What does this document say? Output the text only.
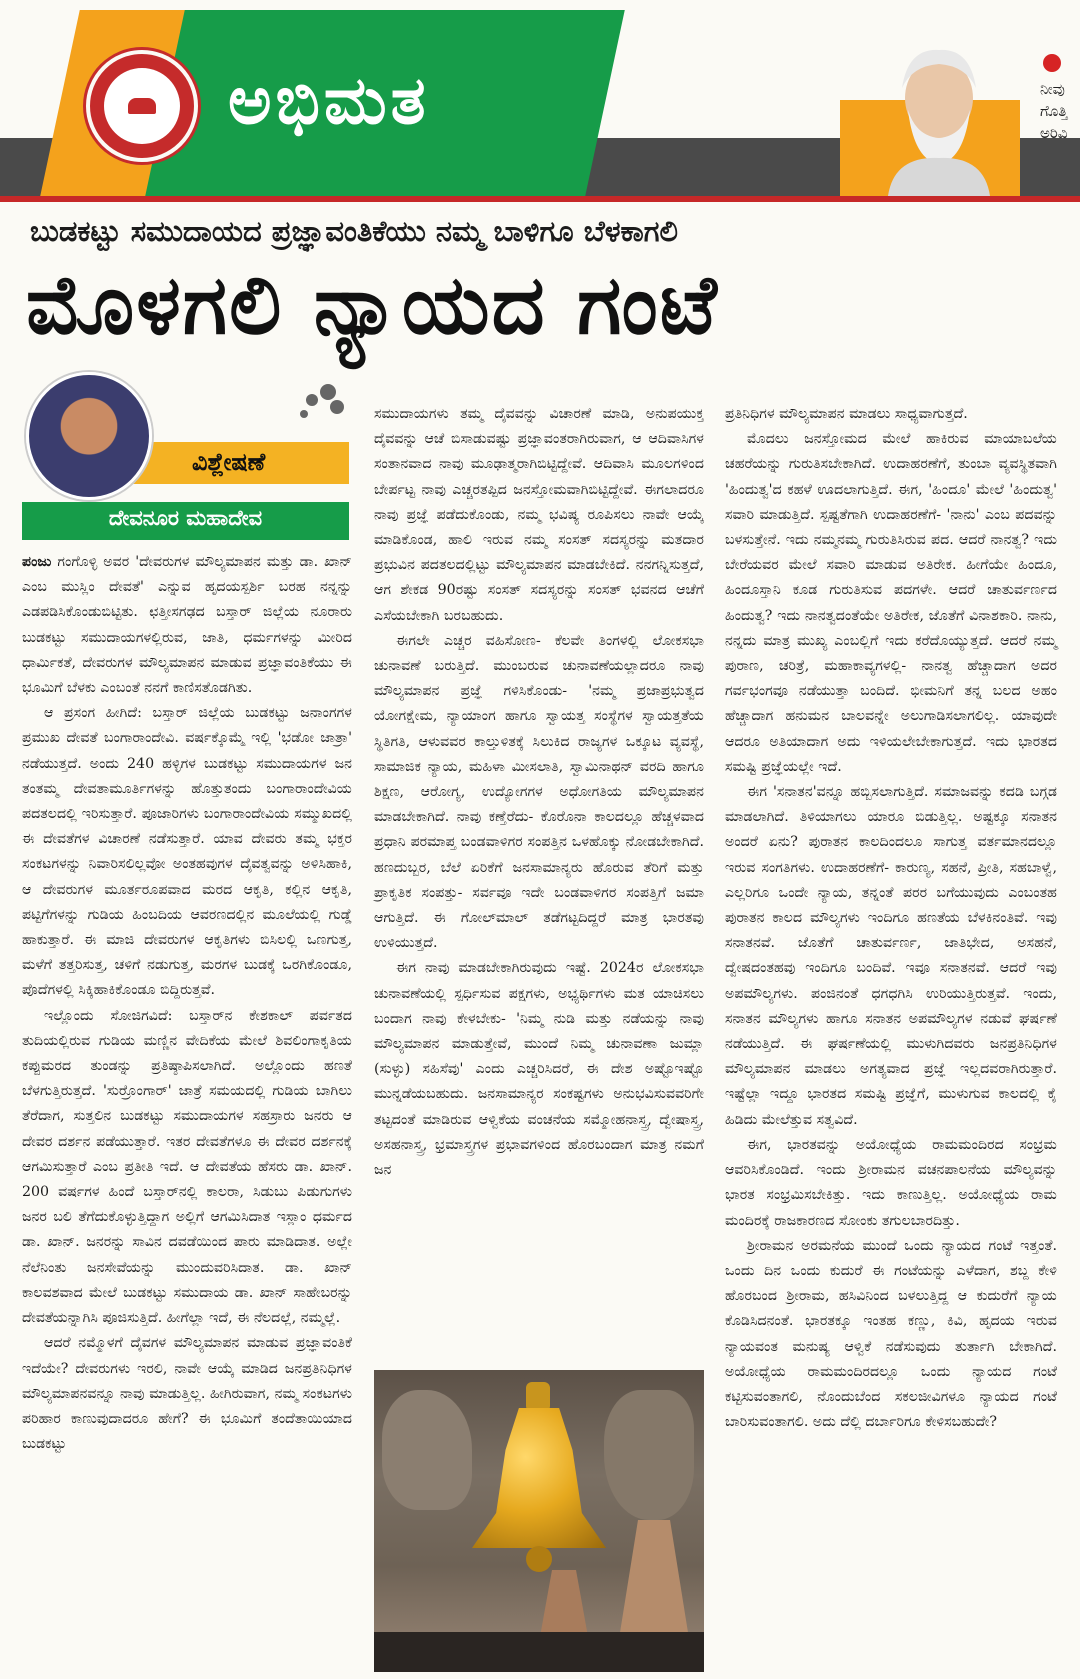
ಅಭಿಮತ	ನೀವು
ಗೊತ್ತಿ
ಅರಿವಿ
ಬುಡಕಟ್ಟು ಸಮುದಾಯದ ಪ್ರಜ್ಞಾವಂತಿಕೆಯು ನಮ್ಮ ಬಾಳಿಗೂ ಬೆಳಕಾಗಲಿ
ಮೊಳಗಲಿ ನ್ಯಾಯದ ಗಂಟೆ
ವಿಶ್ಲೇಷಣೆ
ದೇವನೂರ ಮಹಾದೇವ

ಪಂಜು ಗಂಗೊಳ್ಳಿ ಅವರ 'ದೇವರುಗಳ ಮೌಲ್ಯಮಾಪನ ಮತ್ತು ಡಾ. ಖಾನ್ ಎಂಬ ಮುಸ್ಲಿಂ ದೇವತೆ' ಎನ್ನುವ ಹೃದಯಸ್ಪರ್ಶಿ ಬರಹ ನನ್ನನ್ನು ಎಡಪಡಿಸಿಕೊಂಡುಬಿಟ್ಟಿತು. ಛತ್ತೀಸಗಢದ ಬಸ್ತಾರ್ ಜಿಲ್ಲೆಯ ನೂರಾರು ಬುಡಕಟ್ಟು ಸಮುದಾಯಗಳಲ್ಲಿರುವ, ಜಾತಿ, ಧರ್ಮಗಳನ್ನು ಮೀರಿದ ಧಾರ್ಮಿಕತೆ, ದೇವರುಗಳ ಮೌಲ್ಯಮಾಪನ ಮಾಡುವ ಪ್ರಜ್ಞಾವಂತಿಕೆಯು ಈ ಭೂಮಿಗೆ ಬೆಳಕು ಎಂಬಂತೆ ನನಗೆ ಕಾಣಿಸತೊಡಗಿತು.

ಆ ಪ್ರಸಂಗ ಹೀಗಿದೆ: ಬಸ್ತಾರ್ ಜಿಲ್ಲೆಯ ಬುಡಕಟ್ಟು ಜನಾಂಗಗಳ ಪ್ರಮುಖ ದೇವತೆ ಬಂಗಾರಾಂದೇವಿ. ವರ್ಷಕ್ಕೊಮ್ಮೆ ಇಲ್ಲಿ 'ಭಡೋ ಜಾತ್ರಾ' ನಡೆಯುತ್ತದೆ. ಅಂದು 240 ಹಳ್ಳಿಗಳ ಬುಡಕಟ್ಟು ಸಮುದಾಯಗಳ ಜನ ತಂತಮ್ಮ ದೇವತಾಮೂರ್ತಿಗಳನ್ನು ಹೊತ್ತುತಂದು ಬಂಗಾರಾಂದೇವಿಯ ಪದತಲದಲ್ಲಿ ಇರಿಸುತ್ತಾರೆ. ಪೂಜಾರಿಗಳು ಬಂಗಾರಾಂದೇವಿಯ ಸಮ್ಮುಖದಲ್ಲಿ ಈ ದೇವತೆಗಳ ವಿಚಾರಣೆ ನಡೆಸುತ್ತಾರೆ. ಯಾವ ದೇವರು ತಮ್ಮ ಭಕ್ತರ ಸಂಕಟಗಳನ್ನು ನಿವಾರಿಸಲಿಲ್ಲವೋ ಅಂತಹವುಗಳ ದೈವತ್ವವನ್ನು ಅಳಿಸಿಹಾಕಿ, ಆ ದೇವರುಗಳ ಮೂರ್ತರೂಪವಾದ ಮರದ ಆಕೃತಿ, ಕಲ್ಲಿನ ಆಕೃತಿ, ಪಟ್ಟಿಗೆಗಳನ್ನು ಗುಡಿಯ ಹಿಂಬದಿಯ ಆವರಣದಲ್ಲಿನ ಮೂಲೆಯಲ್ಲಿ ಗುಡ್ಡೆ ಹಾಕುತ್ತಾರೆ. ಈ ಮಾಜಿ ದೇವರುಗಳ ಆಕೃತಿಗಳು ಬಿಸಿಲಲ್ಲಿ ಒಣಗುತ್ತ, ಮಳೆಗೆ ತತ್ತರಿಸುತ್ತ, ಚಳಿಗೆ ನಡುಗುತ್ತ, ಮರಗಳ ಬುಡಕ್ಕೆ ಒರಗಿಕೊಂಡೂ, ಪೊದೆಗಳಲ್ಲಿ ಸಿಕ್ಕಿಹಾಕಿಕೊಂಡೂ ಬಿದ್ದಿರುತ್ತವೆ.

ಇಲ್ಲೊಂದು ಸೋಜಿಗವಿದೆ: ಬಸ್ತಾರ್‌ನ ಕೇಶಕಾಲ್ ಪರ್ವತದ ತುದಿಯಲ್ಲಿರುವ ಗುಡಿಯ ಮಣ್ಣಿನ ವೇದಿಕೆಯ ಮೇಲೆ ಶಿವಲಿಂಗಾಕೃತಿಯ ಕಪ್ಪುಮರದ ತುಂಡನ್ನು ಪ್ರತಿಷ್ಠಾಪಿಸಲಾಗಿದೆ. ಅಲ್ಲೊಂದು ಹಣತೆ ಬೆಳಗುತ್ತಿರುತ್ತದೆ. 'ಸುರ್ರೊಂಗಾರ್' ಜಾತ್ರೆ ಸಮಯದಲ್ಲಿ ಗುಡಿಯ ಬಾಗಿಲು ತೆರೆದಾಗ, ಸುತ್ತಲಿನ ಬುಡಕಟ್ಟು ಸಮುದಾಯಗಳ ಸಹಸ್ರಾರು ಜನರು ಆ ದೇವರ ದರ್ಶನ ಪಡೆಯುತ್ತಾರೆ. ಇತರ ದೇವತೆಗಳೂ ಈ ದೇವರ ದರ್ಶನಕ್ಕೆ ಆಗಮಿಸುತ್ತಾರೆ ಎಂಬ ಪ್ರತೀತಿ ಇದೆ. ಆ ದೇವತೆಯ ಹೆಸರು ಡಾ. ಖಾನ್. 200 ವರ್ಷಗಳ ಹಿಂದೆ ಬಸ್ತಾರ್‌ನಲ್ಲಿ ಕಾಲರಾ, ಸಿಡುಬು ಪಿಡುಗುಗಳು ಜನರ ಬಲಿ ತೆಗೆದುಕೊಳ್ಳುತ್ತಿದ್ದಾಗ ಅಲ್ಲಿಗೆ ಆಗಮಿಸಿದಾತ ಇಸ್ಲಾಂ ಧರ್ಮದ ಡಾ. ಖಾನ್. ಜನರನ್ನು ಸಾವಿನ ದವಡೆಯಿಂದ ಪಾರು ಮಾಡಿದಾತ. ಅಲ್ಲೇ ನೆಲೆನಿಂತು ಜನಸೇವೆಯನ್ನು ಮುಂದುವರಿಸಿದಾತ. ಡಾ. ಖಾನ್ ಕಾಲವಶವಾದ ಮೇಲೆ ಬುಡಕಟ್ಟು ಸಮುದಾಯ ಡಾ. ಖಾನ್ ಸಾಹೇಬರನ್ನು ದೇವತೆಯನ್ನಾಗಿಸಿ ಪೂಜಿಸುತ್ತಿದೆ. ಹೀಗೆಲ್ಲಾ ಇದೆ, ಈ ನೆಲದಲ್ಲೆ, ನಮ್ಮಲ್ಲೆ.

ಆದರೆ ನಮ್ಮೊಳಗೆ ದೈವಗಳ ಮೌಲ್ಯಮಾಪನ ಮಾಡುವ ಪ್ರಜ್ಞಾವಂತಿಕೆ ಇದೆಯೇ? ದೇವರುಗಳು ಇರಲಿ, ನಾವೇ ಆಯ್ಕೆ ಮಾಡಿದ ಜನಪ್ರತಿನಿಧಿಗಳ ಮೌಲ್ಯಮಾಪನವನ್ನೂ ನಾವು ಮಾಡುತ್ತಿಲ್ಲ. ಹೀಗಿರುವಾಗ, ನಮ್ಮ ಸಂಕಟಗಳು ಪರಿಹಾರ ಕಾಣುವುದಾದರೂ ಹೇಗೆ? ಈ ಭೂಮಿಗೆ ತಂದೆತಾಯಿಯಾದ ಬುಡಕಟ್ಟು

ಸಮುದಾಯಗಳು ತಮ್ಮ ದೈವವನ್ನು ವಿಚಾರಣೆ ಮಾಡಿ, ಅನುಪಯುಕ್ತ ದೈವವನ್ನು ಆಚೆ ಬಿಸಾಡುವಷ್ಟು ಪ್ರಜ್ಞಾವಂತರಾಗಿರುವಾಗ, ಆ ಆದಿವಾಸಿಗಳ ಸಂತಾನವಾದ ನಾವು ಮೂಢಾತ್ಮರಾಗಿಬಿಟ್ಟಿದ್ದೇವೆ. ಆದಿವಾಸಿ ಮೂಲಗಳಿಂದ ಬೇರ್ಪಟ್ಟ ನಾವು ಎಚ್ಚರತಪ್ಪಿದ ಜನಸ್ತೋಮವಾಗಿಬಿಟ್ಟಿದ್ದೇವೆ. ಈಗಲಾದರೂ ನಾವು ಪ್ರಜ್ಞೆ ಪಡೆದುಕೊಂಡು, ನಮ್ಮ ಭವಿಷ್ಯ ರೂಪಿಸಲು ನಾವೇ ಆಯ್ಕೆ ಮಾಡಿಕೊಂಡ, ಹಾಲಿ ಇರುವ ನಮ್ಮ ಸಂಸತ್ ಸದಸ್ಯರನ್ನು ಮತದಾರ ಪ್ರಭುವಿನ ಪದತಲದಲ್ಲಿಟ್ಟು ಮೌಲ್ಯಮಾಪನ ಮಾಡಬೇಕಿದೆ. ನನಗನ್ನಿಸುತ್ತದೆ, ಆಗ ಶೇಕಡ 90ರಷ್ಟು ಸಂಸತ್ ಸದಸ್ಯರನ್ನು ಸಂಸತ್ ಭವನದ ಆಚೆಗೆ ಎಸೆಯಬೇಕಾಗಿ ಬರಬಹುದು.

ಈಗಲೇ ಎಚ್ಚರ ವಹಿಸೋಣ- ಕೆಲವೇ ತಿಂಗಳಲ್ಲಿ ಲೋಕಸಭಾ ಚುನಾವಣೆ ಬರುತ್ತಿದೆ. ಮುಂಬರುವ ಚುನಾವಣೆಯಲ್ಲಾದರೂ ನಾವು ಮೌಲ್ಯಮಾಪನ ಪ್ರಜ್ಞೆ ಗಳಿಸಿಕೊಂಡು- 'ನಮ್ಮ ಪ್ರಜಾಪ್ರಭುತ್ವದ ಯೋಗಕ್ಷೇಮ, ನ್ಯಾಯಾಂಗ ಹಾಗೂ ಸ್ವಾಯತ್ತ ಸಂಸ್ಥೆಗಳ ಸ್ವಾಯತ್ತತೆಯ ಸ್ಥಿತಿಗತಿ, ಆಳುವವರ ಕಾಲ್ತುಳಿತಕ್ಕೆ ಸಿಲುಕಿದ ರಾಜ್ಯಗಳ ಒಕ್ಕೂಟ ವ್ಯವಸ್ಥೆ, ಸಾಮಾಜಿಕ ನ್ಯಾಯ, ಮಹಿಳಾ ಮೀಸಲಾತಿ, ಸ್ವಾಮಿನಾಥನ್ ವರದಿ ಹಾಗೂ ಶಿಕ್ಷಣ, ಆರೋಗ್ಯ, ಉದ್ಯೋಗಗಳ ಅಧೋಗತಿಯ ಮೌಲ್ಯಮಾಪನ ಮಾಡಬೇಕಾಗಿದೆ. ನಾವು ಕಣ್ತೆರೆದು- ಕೊರೊನಾ ಕಾಲದಲ್ಲೂ ಹೆಚ್ಚಳವಾದ ಪ್ರಧಾನಿ ಪರಮಾಪ್ತ ಬಂಡವಾಳಿಗರ ಸಂಪತ್ತಿನ ಒಳಹೊಕ್ಕು ನೋಡಬೇಕಾಗಿದೆ. ಹಣದುಬ್ಬರ, ಬೆಲೆ ಏರಿಕೆಗೆ ಜನಸಾಮಾನ್ಯರು ಹೊರುವ ತೆರಿಗೆ ಮತ್ತು ಪ್ರಾಕೃತಿಕ ಸಂಪತ್ತು- ಸರ್ವವೂ ಇದೇ ಬಂಡವಾಳಿಗರ ಸಂಪತ್ತಿಗೆ ಜಮಾ ಆಗುತ್ತಿದೆ. ಈ ಗೋಲ್‌ಮಾಲ್ ತಡೆಗಟ್ಟದಿದ್ದರೆ ಮಾತ್ರ ಭಾರತವು ಉಳಿಯುತ್ತದೆ.

ಈಗ ನಾವು ಮಾಡಬೇಕಾಗಿರುವುದು ಇಷ್ಟೆ. 2024ರ ಲೋಕಸಭಾ ಚುನಾವಣೆಯಲ್ಲಿ ಸ್ಪರ್ಧಿಸುವ ಪಕ್ಷಗಳು, ಅಭ್ಯರ್ಥಿಗಳು ಮತ ಯಾಚಿಸಲು ಬಂದಾಗ ನಾವು ಕೇಳಬೇಕು- 'ನಿಮ್ಮ ನುಡಿ ಮತ್ತು ನಡೆಯನ್ನು ನಾವು ಮೌಲ್ಯಮಾಪನ ಮಾಡುತ್ತೇವೆ, ಮುಂದೆ ನಿಮ್ಮ ಚುನಾವಣಾ ಜುಮ್ಲಾ (ಸುಳ್ಳು) ಸಹಿಸೆವು' ಎಂದು ಎಚ್ಚರಿಸಿದರೆ, ಈ ದೇಶ ಅಷ್ಟೊಇಷ್ಟೊ ಮುನ್ನಡೆಯಬಹುದು. ಜನಸಾಮಾನ್ಯರ ಸಂಕಷ್ಟಗಳು ಅನುಭವಿಸುವವರಿಗೇ ತಟ್ಟದಂತೆ ಮಾಡಿರುವ ಆಳ್ವಿಕೆಯ ವಂಚನೆಯ ಸಮ್ಮೋಹನಾಸ್ತ್ರ, ದ್ವೇಷಾಸ್ತ್ರ, ಅಸಹನಾಸ್ತ್ರ, ಭ್ರಮಾಸ್ತ್ರಗಳ ಪ್ರಭಾವಗಳಿಂದ ಹೊರಬಂದಾಗ ಮಾತ್ರ ನಮಗೆ ಜನ

ಪ್ರತಿನಿಧಿಗಳ ಮೌಲ್ಯಮಾಪನ ಮಾಡಲು ಸಾಧ್ಯವಾಗುತ್ತದೆ.

ಮೊದಲು ಜನಸ್ತೋಮದ ಮೇಲೆ ಹಾಕಿರುವ ಮಾಯಾಬಲೆಯ ಚಹರೆಯನ್ನು ಗುರುತಿಸಬೇಕಾಗಿದೆ. ಉದಾಹರಣೆಗೆ, ತುಂಬಾ ವ್ಯವಸ್ಥಿತವಾಗಿ 'ಹಿಂದುತ್ವ'ದ ಕಹಳೆ ಊದಲಾಗುತ್ತಿದೆ. ಈಗ, 'ಹಿಂದೂ' ಮೇಲೆ 'ಹಿಂದುತ್ವ' ಸವಾರಿ ಮಾಡುತ್ತಿದೆ. ಸ್ಪಷ್ಟತೆಗಾಗಿ ಉದಾಹರಣೆಗೆ- 'ನಾನು' ಎಂಬ ಪದವನ್ನು ಬಳಸುತ್ತೇನೆ. ಇದು ನಮ್ಮನಮ್ಮ ಗುರುತಿಸಿರುವ ಪದ. ಆದರೆ ನಾನತ್ವ? ಇದು ಬೇರೆಯವರ ಮೇಲೆ ಸವಾರಿ ಮಾಡುವ ಅತಿರೇಕ. ಹೀಗೆಯೇ ಹಿಂದೂ, ಹಿಂದೂಸ್ತಾನಿ ಕೂಡ ಗುರುತಿಸುವ ಪದಗಳೇ. ಆದರೆ ಚಾತುರ್ವರ್ಣದ ಹಿಂದುತ್ವ? ಇದು ನಾನತ್ವದಂತೆಯೇ ಅತಿರೇಕ, ಜೊತೆಗೆ ವಿನಾಶಕಾರಿ. ನಾನು, ನನ್ನದು ಮಾತ್ರ ಮುಖ್ಯ ಎಂಬಲ್ಲಿಗೆ ಇದು ಕರೆದೊಯ್ಯುತ್ತದೆ. ಆದರೆ ನಮ್ಮ ಪುರಾಣ, ಚರಿತ್ರೆ, ಮಹಾಕಾವ್ಯಗಳಲ್ಲಿ- ನಾನತ್ವ ಹೆಚ್ಚಾದಾಗ ಅದರ ಗರ್ವಭಂಗವೂ ನಡೆಯುತ್ತಾ ಬಂದಿದೆ. ಭೀಮನಿಗೆ ತನ್ನ ಬಲದ ಅಹಂ ಹೆಚ್ಚಾದಾಗ ಹನುಮನ ಬಾಲವನ್ನೇ ಅಲುಗಾಡಿಸಲಾಗಲಿಲ್ಲ. ಯಾವುದೇ ಆದರೂ ಅತಿಯಾದಾಗ ಅದು ಇಳಿಯಲೇಬೇಕಾಗುತ್ತದೆ. ಇದು ಭಾರತದ ಸಮಷ್ಟಿ ಪ್ರಜ್ಞೆಯಲ್ಲೇ ಇದೆ.

ಈಗ 'ಸನಾತನ'ವನ್ನೂ ಹಬ್ಬಿಸಲಾಗುತ್ತಿದೆ. ಸಮಾಜವನ್ನು ಕದಡಿ ಬಗ್ಗಡ ಮಾಡಲಾಗಿದೆ. ತಿಳಿಯಾಗಲು ಯಾರೂ ಬಿಡುತ್ತಿಲ್ಲ. ಅಷ್ಟಕ್ಕೂ ಸನಾತನ ಅಂದರೆ ಏನು? ಪುರಾತನ ಕಾಲದಿಂದಲೂ ಸಾಗುತ್ತ ವರ್ತಮಾನದಲ್ಲೂ ಇರುವ ಸಂಗತಿಗಳು. ಉದಾಹರಣೆಗೆ- ಕಾರುಣ್ಯ, ಸಹನೆ, ಪ್ರೀತಿ, ಸಹಬಾಳ್ವೆ, ಎಲ್ಲರಿಗೂ ಒಂದೇ ನ್ಯಾಯ, ತನ್ನಂತೆ ಪರರ ಬಗೆಯುವುದು ಎಂಬಂತಹ ಪುರಾತನ ಕಾಲದ ಮೌಲ್ಯಗಳು ಇಂದಿಗೂ ಹಣತೆಯ ಬೆಳಕಿನಂತಿವೆ. ಇವು ಸನಾತನವೆ. ಜೊತೆಗೆ ಚಾತುರ್ವರ್ಣ, ಜಾತಿಭೇದ, ಅಸಹನೆ, ದ್ವೇಷದಂತಹವು ಇಂದಿಗೂ ಬಂದಿವೆ. ಇವೂ ಸನಾತನವೆ. ಆದರೆ ಇವು ಅಪಮೌಲ್ಯಗಳು. ಪಂಜಿನಂತೆ ಧಗಧಗಿಸಿ ಉರಿಯುತ್ತಿರುತ್ತವೆ. ಇಂದು, ಸನಾತನ ಮೌಲ್ಯಗಳು ಹಾಗೂ ಸನಾತನ ಅಪಮೌಲ್ಯಗಳ ನಡುವೆ ಘರ್ಷಣೆ ನಡೆಯುತ್ತಿದೆ. ಈ ಘರ್ಷಣೆಯಲ್ಲಿ ಮುಳುಗಿದವರು ಜನಪ್ರತಿನಿಧಿಗಳ ಮೌಲ್ಯಮಾಪನ ಮಾಡಲು ಅಗತ್ಯವಾದ ಪ್ರಜ್ಞೆ ಇಲ್ಲದವರಾಗಿರುತ್ತಾರೆ. ಇಷ್ಟೆಲ್ಲಾ ಇದ್ದೂ ಭಾರತದ ಸಮಷ್ಟಿ ಪ್ರಜ್ಞೆಗೆ, ಮುಳುಗುವ ಕಾಲದಲ್ಲಿ ಕೈ ಹಿಡಿದು ಮೇಲೆತ್ತುವ ಸತ್ವವಿದೆ.

ಈಗ, ಭಾರತವನ್ನು ಅಯೋಧ್ಯೆಯ ರಾಮಮಂದಿರದ ಸಂಭ್ರಮ ಆವರಿಸಿಕೊಂಡಿದೆ. ಇಂದು ಶ್ರೀರಾಮನ ವಚನಪಾಲನೆಯ ಮೌಲ್ಯವನ್ನು ಭಾರತ ಸಂಭ್ರಮಿಸಬೇಕಿತ್ತು. ಇದು ಕಾಣುತ್ತಿಲ್ಲ. ಅಯೋಧ್ಯೆಯ ರಾಮ ಮಂದಿರಕ್ಕೆ ರಾಜಕಾರಣದ ಸೋಂಕು ತಗುಲಬಾರದಿತ್ತು.

ಶ್ರೀರಾಮನ ಅರಮನೆಯ ಮುಂದೆ ಒಂದು ನ್ಯಾಯದ ಗಂಟೆ ಇತ್ತಂತೆ. ಒಂದು ದಿನ ಒಂದು ಕುದುರೆ ಈ ಗಂಟೆಯನ್ನು ಎಳೆದಾಗ, ಶಬ್ದ ಕೇಳಿ ಹೊರಬಂದ ಶ್ರೀರಾಮ, ಹಸಿವಿನಿಂದ ಬಳಲುತ್ತಿದ್ದ ಆ ಕುದುರೆಗೆ ನ್ಯಾಯ ಕೊಡಿಸಿದನಂತೆ. ಭಾರತಕ್ಕೂ ಇಂತಹ ಕಣ್ಣು, ಕಿವಿ, ಹೃದಯ ಇರುವ ನ್ಯಾಯವಂತ ಮನುಷ್ಯ ಆಳ್ವಿಕೆ ನಡೆಸುವುದು ತುರ್ತಾಗಿ ಬೇಕಾಗಿದೆ. ಅಯೋಧ್ಯೆಯ ರಾಮಮಂದಿರದಲ್ಲೂ ಒಂದು ನ್ಯಾಯದ ಗಂಟೆ ಕಟ್ಟಿಸುವಂತಾಗಲಿ, ನೊಂದುಬೆಂದ ಸಕಲಜೀವಿಗಳೂ ನ್ಯಾಯದ ಗಂಟೆ ಬಾರಿಸುವಂತಾಗಲಿ. ಅದು ದೆಲ್ಲಿ ದರ್ಬಾರಿಗೂ ಕೇಳಿಸಬಹುದೇ?
